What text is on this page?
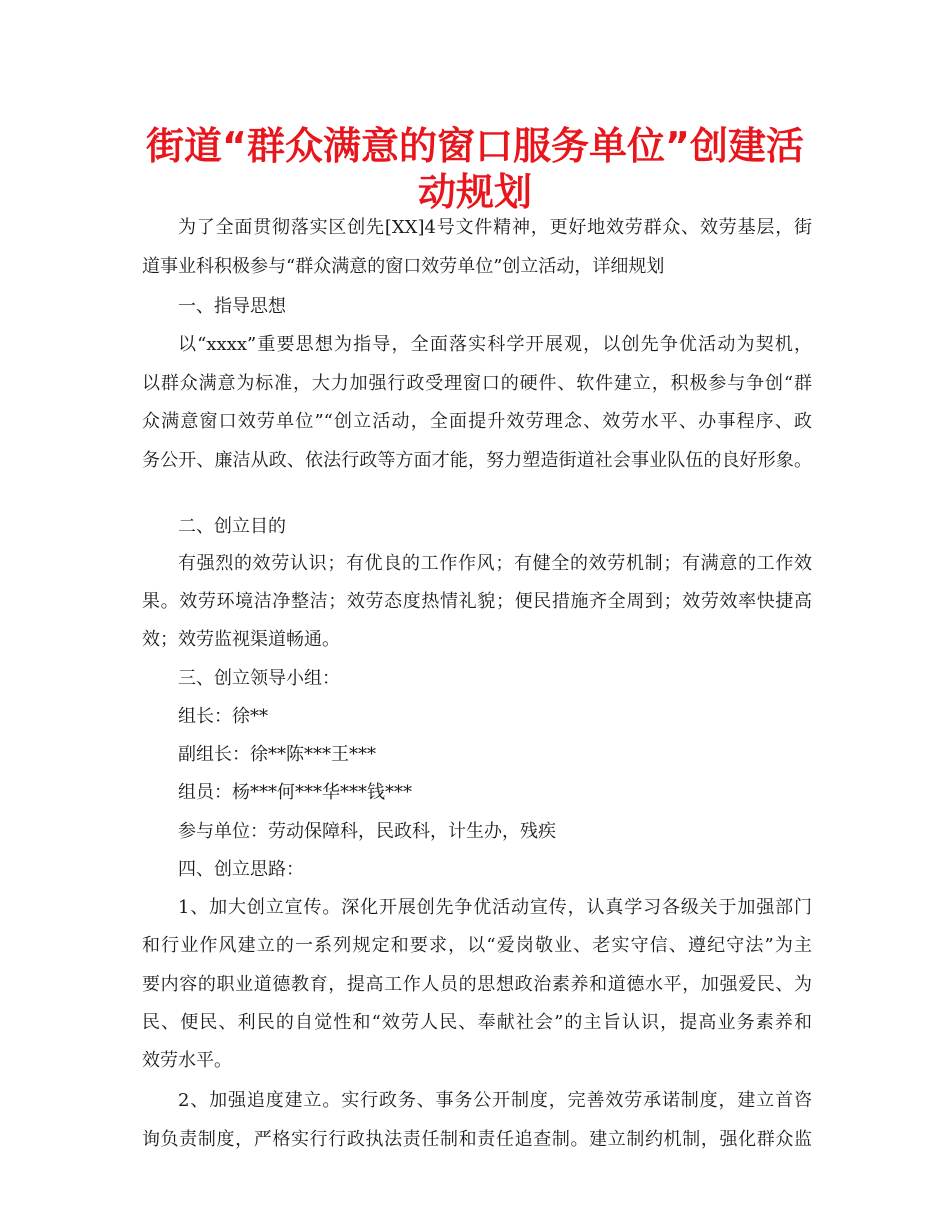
街道“群众满意的窗口服务单位”创建活
动规划
为了全面贯彻落实区创先[XX]4号文件精神，更好地效劳群众、效劳基层，街
道事业科积极参与“群众满意的窗口效劳单位”创立活动，详细规划
一、指导思想
以“xxxx”重要思想为指导，全面落实科学开展观，以创先争优活动为契机，
以群众满意为标准，大力加强行政受理窗口的硬件、软件建立，积极参与争创“群
众满意窗口效劳单位”“创立活动，全面提升效劳理念、效劳水平、办事程序、政
务公开、廉洁从政、依法行政等方面才能，努力塑造街道社会事业队伍的良好形象。
二、创立目的
有强烈的效劳认识；有优良的工作作风；有健全的效劳机制；有满意的工作效
果。效劳环境洁净整洁；效劳态度热情礼貌；便民措施齐全周到；效劳效率快捷高
效；效劳监视渠道畅通。
三、创立领导小组：
组长：徐**
副组长：徐**陈***王***
组员：杨***何***华***钱***
参与单位：劳动保障科，民政科，计生办，残疾
四、创立思路：
1、加大创立宣传。深化开展创先争优活动宣传，认真学习各级关于加强部门
和行业作风建立的一系列规定和要求，以“爱岗敬业、老实守信、遵纪守法”为主
要内容的职业道德教育，提高工作人员的思想政治素养和道德水平，加强爱民、为
民、便民、利民的自觉性和“效劳人民、奉献社会”的主旨认识，提高业务素养和
效劳水平。
2、加强追度建立。实行政务、事务公开制度，完善效劳承诺制度，建立首咨
询负责制度，严格实行行政执法责任制和责任追查制。建立制约机制，强化群众监
